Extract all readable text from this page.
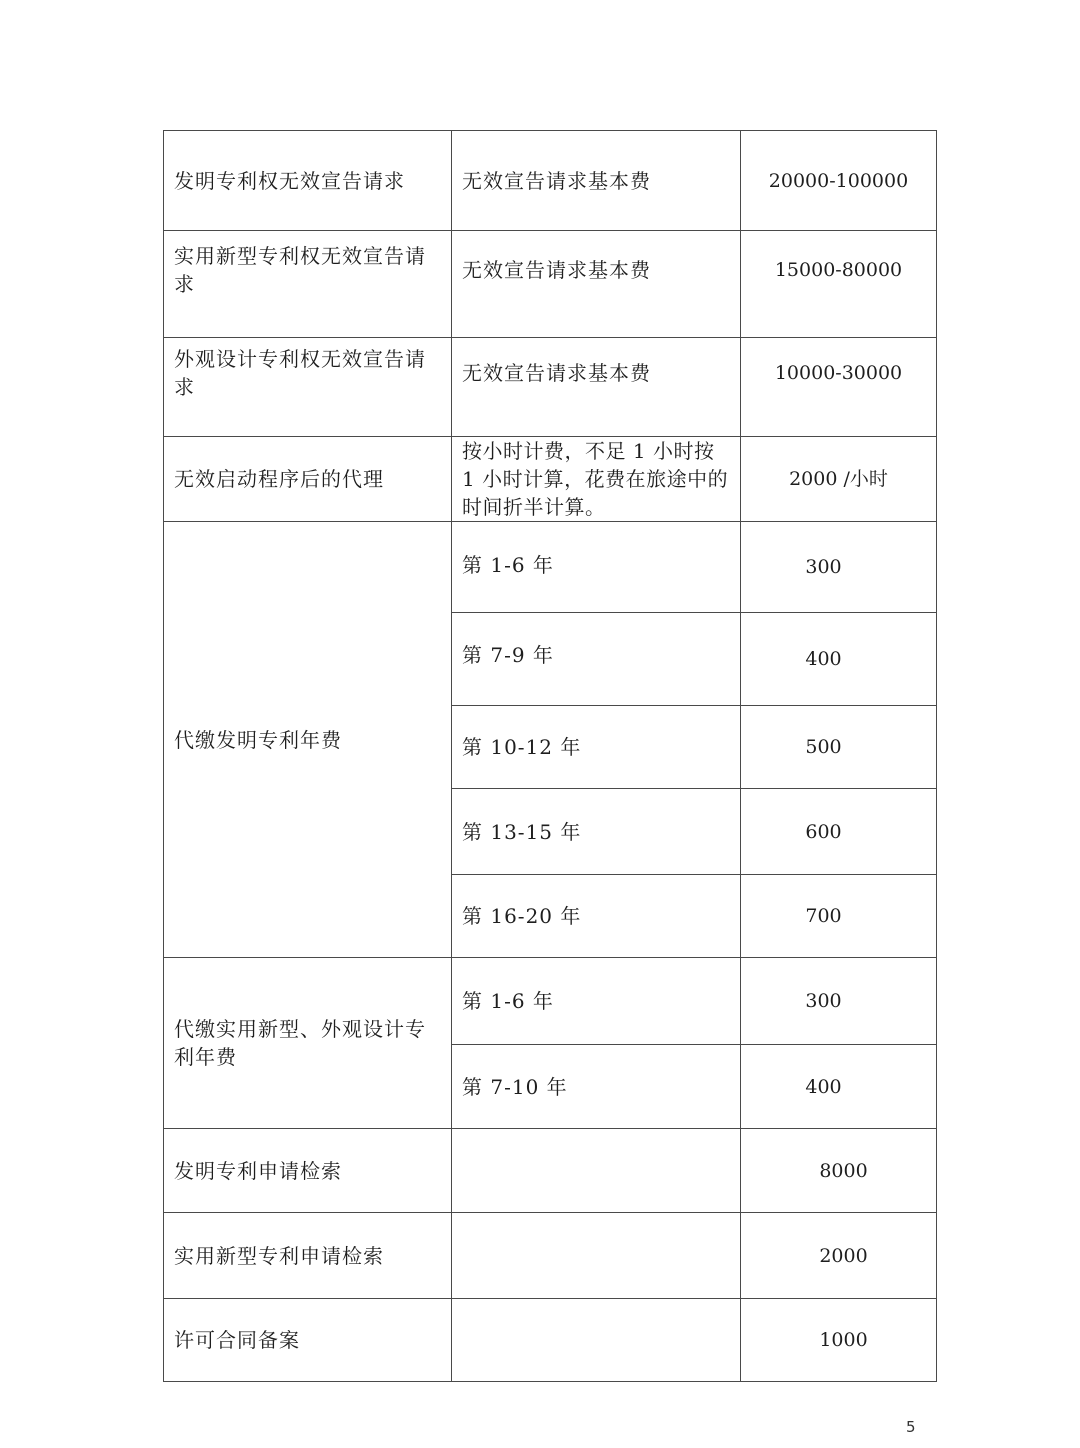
发明专利权无效宣告请求	无效宣告请求基本费	20000-100000
实用新型专利权无效宣告请求	无效宣告请求基本费	15000-80000
外观设计专利权无效宣告请求	无效宣告请求基本费	10000-30000
无效启动程序后的代理	按小时计费，不足 1 小时按 1 小时计算，花费在旅途中的时间折半计算。	2000 /小时
代缴发明专利年费	第 1-6 年	300
	第 7-9 年	400
	第 10-12 年	500
	第 13-15 年	600
	第 16-20 年	700
代缴实用新型、外观设计专利年费	第 1-6 年	300
	第 7-10 年	400
发明专利申请检索		8000
实用新型专利申请检索		2000
许可合同备案		1000
5
